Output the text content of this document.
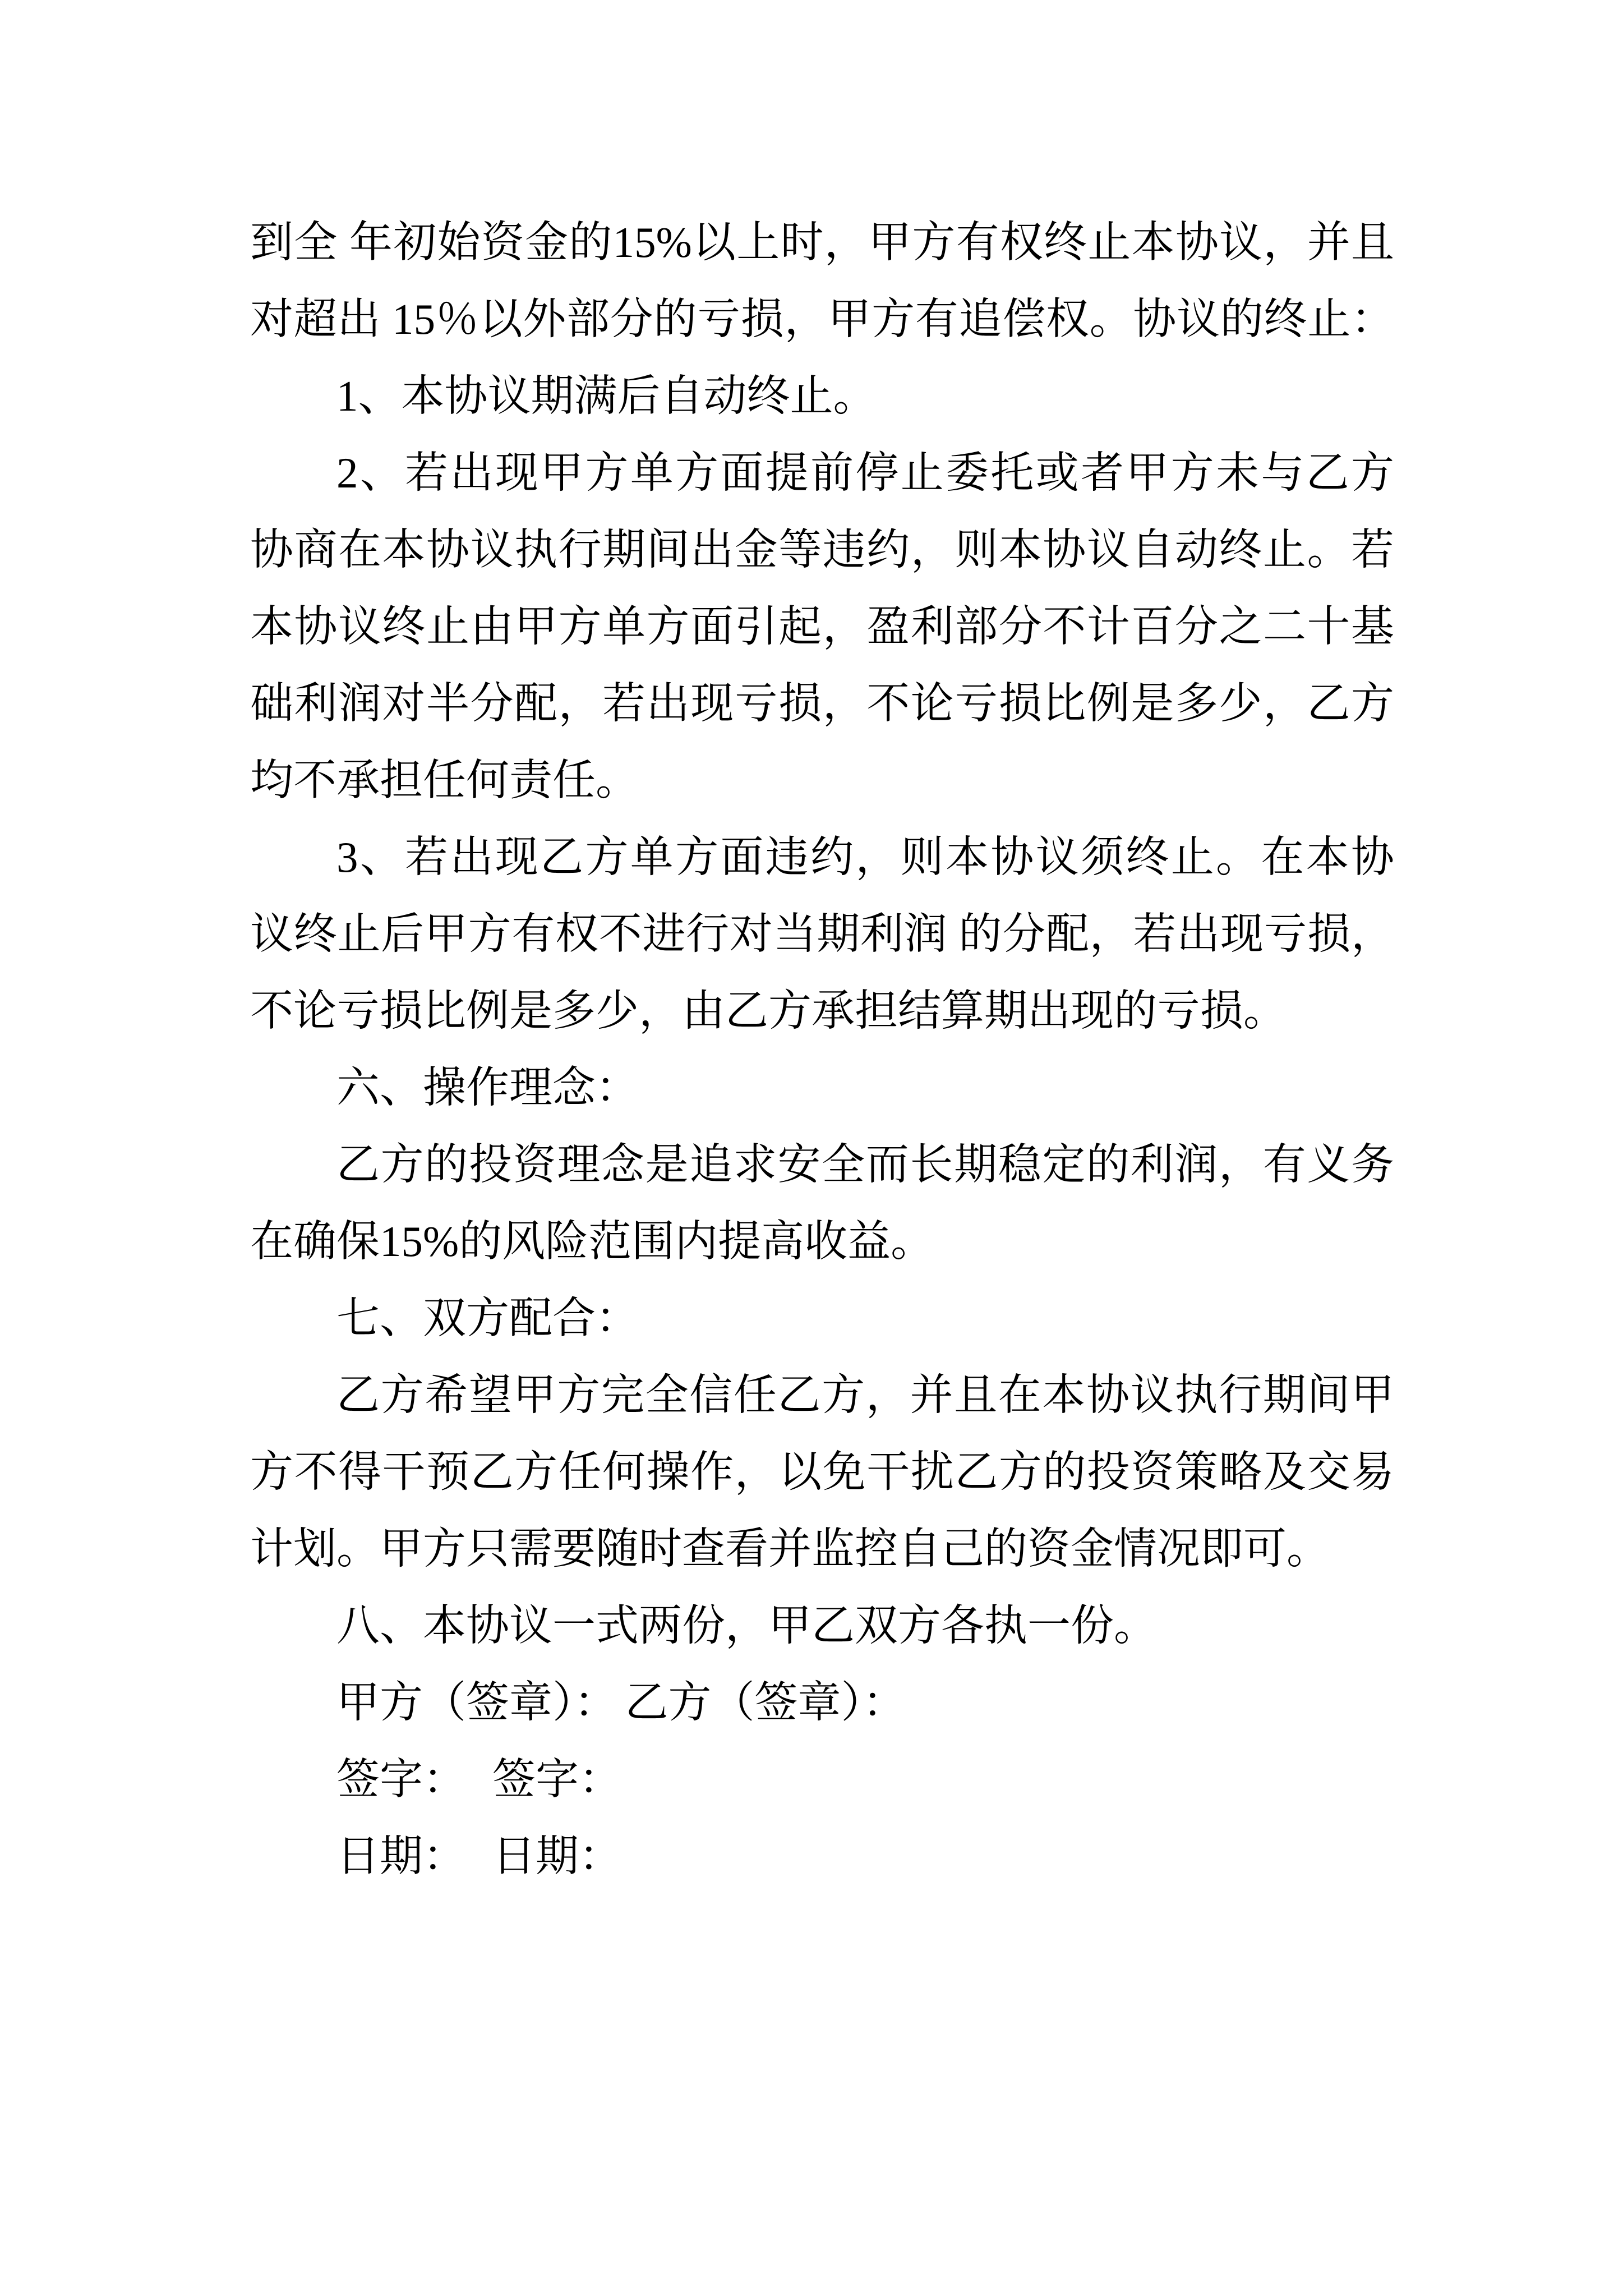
到全 年初始资金的15%以上时，甲方有权终止本协议，并且
对超出 15％以外部分的亏损，甲方有追偿权。协议的终止：
1、本协议期满后自动终止。
2、若出现甲方单方面提前停止委托或者甲方未与乙方
协商在本协议执行期间出金等违约，则本协议自动终止。若
本协议终止由甲方单方面引起，盈利部分不计百分之二十基
础利润对半分配，若出现亏损，不论亏损比例是多少，乙方
均不承担任何责任。
3、若出现乙方单方面违约，则本协议须终止。在本协
议终止后甲方有权不进行对当期利润 的分配，若出现亏损，
不论亏损比例是多少，由乙方承担结算期出现的亏损。
六、操作理念：
乙方的投资理念是追求安全而长期稳定的利润，有义务
在确保15%的风险范围内提高收益。
七、双方配合：
乙方希望甲方完全信任乙方，并且在本协议执行期间甲
方不得干预乙方任何操作，以免干扰乙方的投资策略及交易
计划。甲方只需要随时查看并监控自己的资金情况即可。
八、本协议一式两份，甲乙双方各执一份。
甲方（签章）： 乙方（签章）：
签字： 签字：
日期： 日期：
